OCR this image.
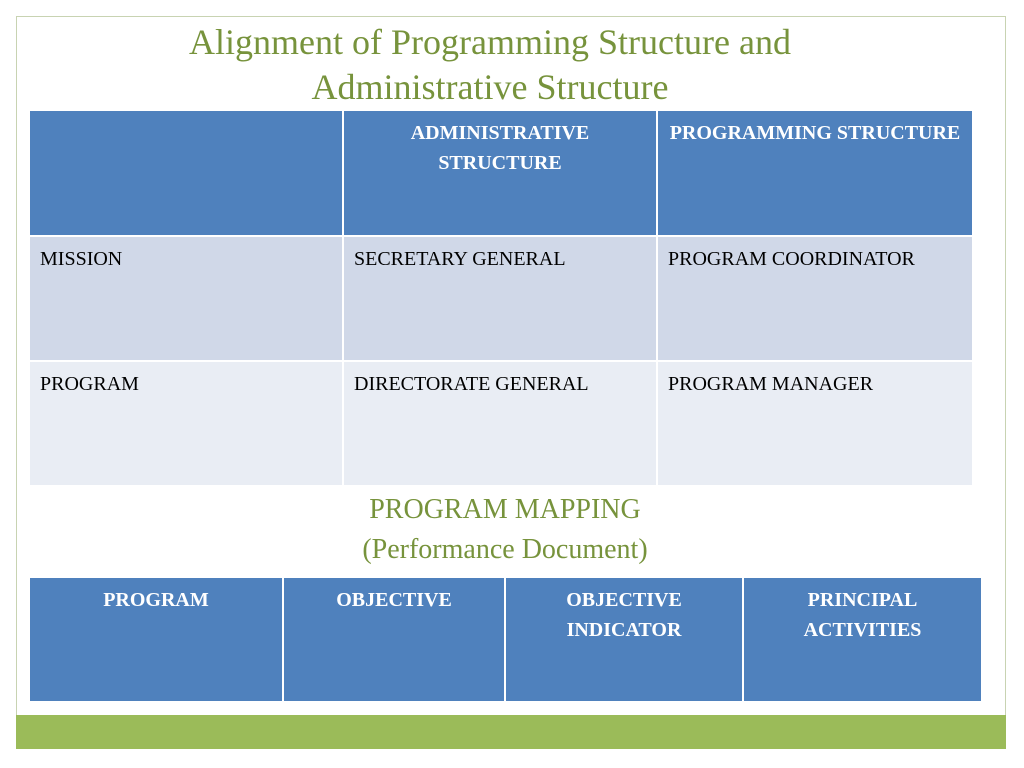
Alignment of Programming Structure and
Administrative Structure
	ADMINISTRATIVE STRUCTURE	PROGRAMMING STRUCTURE
MISSION	SECRETARY GENERAL	PROGRAM COORDINATOR
PROGRAM	DIRECTORATE GENERAL	PROGRAM MANAGER
PROGRAM MAPPING
(Performance Document)
PROGRAM	OBJECTIVE	OBJECTIVE INDICATOR	PRINCIPAL ACTIVITIES
